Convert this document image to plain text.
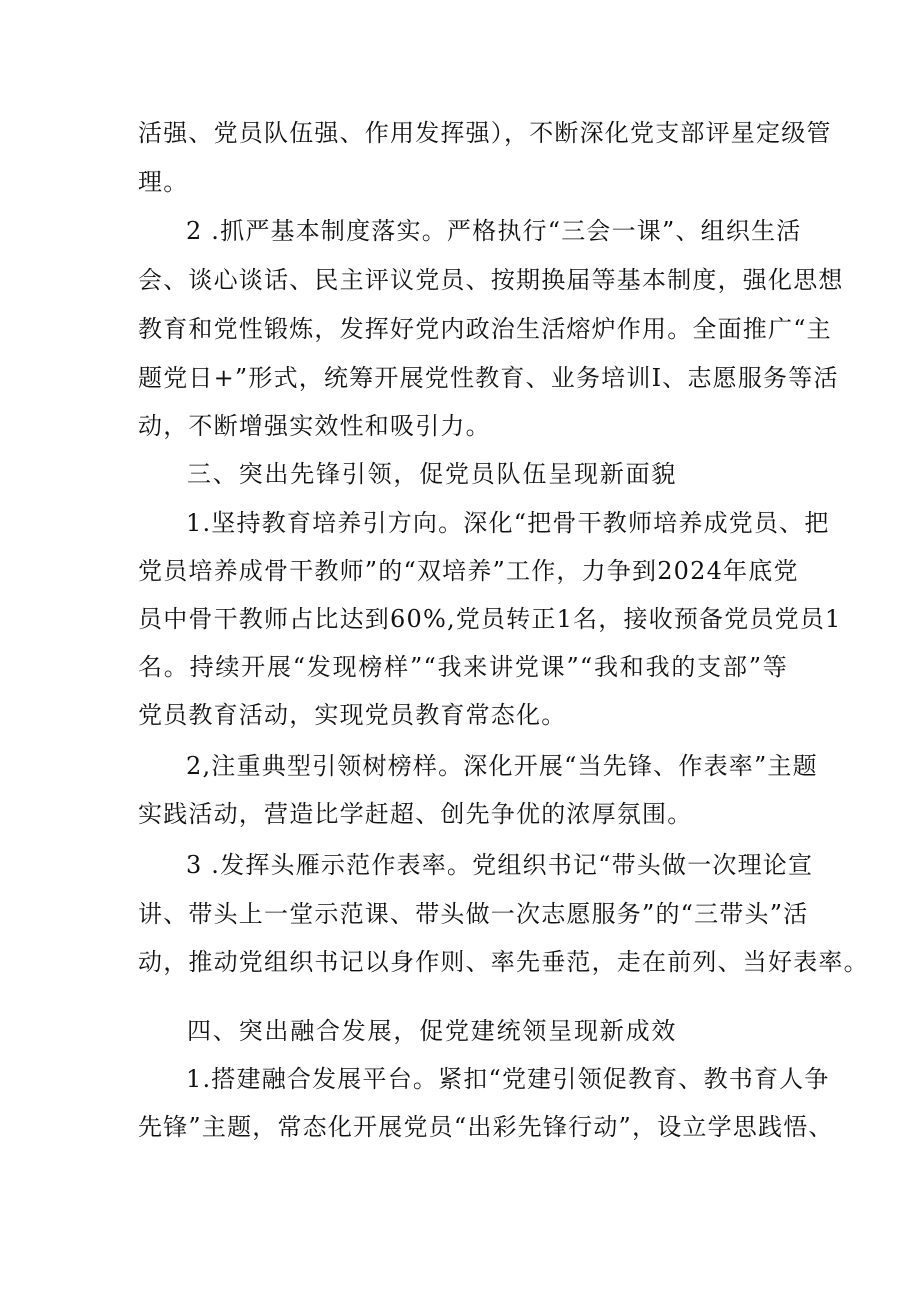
活强、党员队伍强、作用发挥强），不断深化党支部评星定级管
理。
2 .抓严基本制度落实。严格执行“三会一课”、组织生活
会、谈心谈话、民主评议党员、按期换届等基本制度，强化思想
教育和党性锻炼，发挥好党内政治生活熔炉作用。全面推广“主
题党日+”形式，统筹开展党性教育、业务培训I、志愿服务等活
动，不断增强实效性和吸引力。
三、突出先锋引领，促党员队伍呈现新面貌
1.坚持教育培养引方向。深化“把骨干教师培养成党员、把
党员培养成骨干教师”的“双培养”工作，力争到2024年底党
员中骨干教师占比达到60%,党员转正1名，接收预备党员党员1
名。持续开展“发现榜样”“我来讲党课”“我和我的支部”等
党员教育活动，实现党员教育常态化。
2,注重典型引领树榜样。深化开展“当先锋、作表率”主题
实践活动，营造比学赶超、创先争优的浓厚氛围。
3 .发挥头雁示范作表率。党组织书记“带头做一次理论宣
讲、带头上一堂示范课、带头做一次志愿服务”的“三带头”活
动，推动党组织书记以身作则、率先垂范，走在前列、当好表率。
四、突出融合发展，促党建统领呈现新成效
1.搭建融合发展平台。紧扣“党建引领促教育、教书育人争
先锋”主题，常态化开展党员“出彩先锋行动”，设立学思践悟、
